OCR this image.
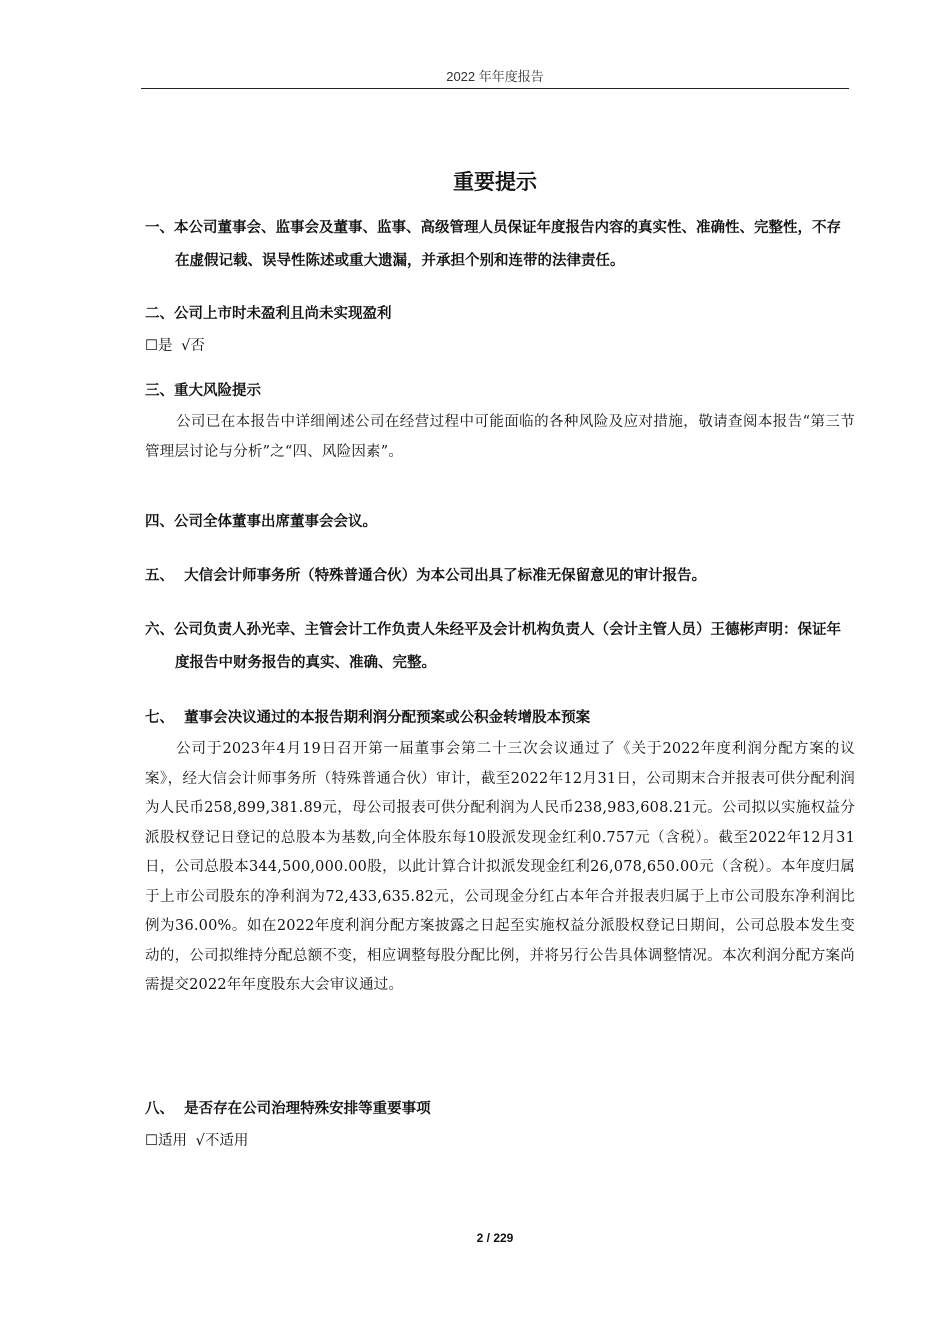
2022 年年度报告
重要提示

一、本公司董事会、监事会及董事、监事、高级管理人员保证年度报告内容的真实性、准确性、完整性，不存在虚假记载、误导性陈述或重大遗漏，并承担个别和连带的法律责任。

二、公司上市时未盈利且尚未实现盈利

☐是 √否

三、重大风险提示

公司已在本报告中详细阐述公司在经营过程中可能面临的各种风险及应对措施，敬请查阅本报告“第三节 管理层讨论与分析”之“四、风险因素”。

四、公司全体董事出席董事会会议。

五、 大信会计师事务所（特殊普通合伙）为本公司出具了标准无保留意见的审计报告。

六、公司负责人孙光幸、主管会计工作负责人朱经平及会计机构负责人（会计主管人员）王德彬声明：保证年度报告中财务报告的真实、准确、完整。

七、 董事会决议通过的本报告期利润分配预案或公积金转增股本预案

公司于2023年4月19日召开第一届董事会第二十三次会议通过了《关于2022年度利润分配方案的议案》，经大信会计师事务所（特殊普通合伙）审计，截至2022年12月31日，公司期末合并报表可供分配利润为人民币258,899,381.89元，母公司报表可供分配利润为人民币238,983,608.21元。公司拟以实施权益分派股权登记日登记的总股本为基数,向全体股东每10股派发现金红利0.757元（含税）。截至2022年12月31日，公司总股本344,500,000.00股，以此计算合计拟派发现金红利26,078,650.00元（含税）。本年度归属于上市公司股东的净利润为72,433,635.82元，公司现金分红占本年合并报表归属于上市公司股东净利润比例为36.00%。如在2022年度利润分配方案披露之日起至实施权益分派股权登记日期间，公司总股本发生变动的，公司拟维持分配总额不变，相应调整每股分配比例，并将另行公告具体调整情况。本次利润分配方案尚需提交2022年年度股东大会审议通过。

八、 是否存在公司治理特殊安排等重要事项

☐适用 √不适用

2 / 229
